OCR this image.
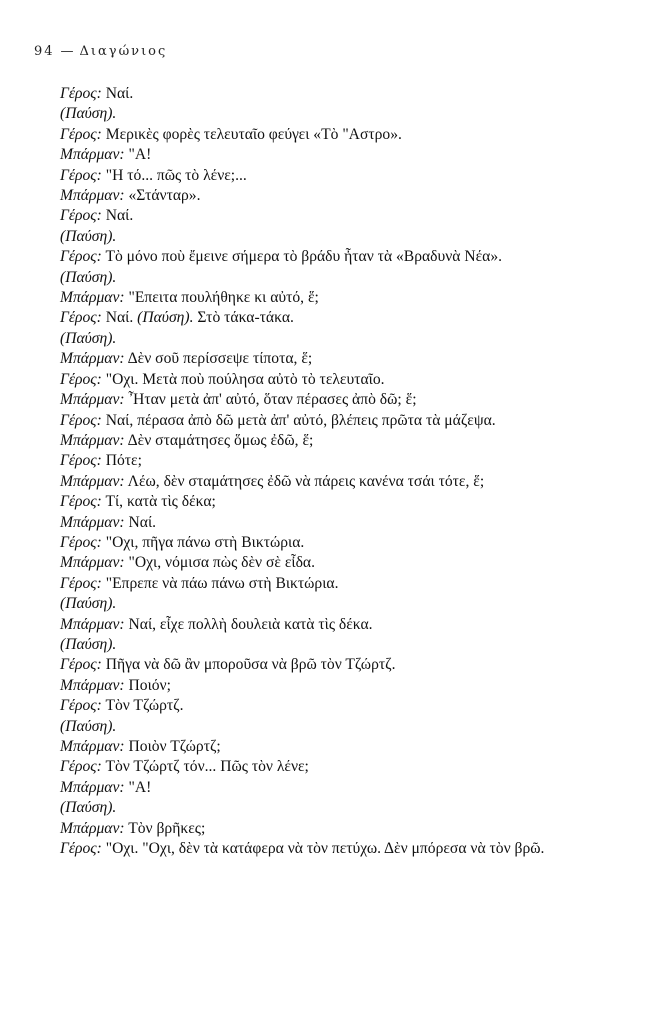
94 — Διαγώνιος
Γέρος: Ναί.
(Παύση).
Γέρος: Μερικὲς φορὲς τελευταῖο φεύγει «Τὸ "Αστρο».
Μπάρμαν: "Α!
Γέρος: "Η τό... πῶς τὸ λένε;...
Μπάρμαν: «Στάνταρ».
Γέρος: Ναί.
(Παύση).
Γέρος: Τὸ μόνο ποὺ ἔμεινε σήμερα τὸ βράδυ ἦταν τὰ «Βραδυνὰ Νέα».
(Παύση).
Μπάρμαν: "Επειτα πουλήθηκε κι αὐτό, ἕ;
Γέρος: Ναί. (Παύση). Στὸ τάκα-τάκα.
(Παύση).
Μπάρμαν: Δὲν σοῦ περίσσεψε τίποτα, ἕ;
Γέρος: "Οχι. Μετὰ ποὺ πούλησα αὐτὸ τὸ τελευταῖο.
Μπάρμαν: Ἦταν μετὰ ἀπ' αὐτό, ὅταν πέρασες ἀπὸ δῶ; ἕ;
Γέρος: Ναί, πέρασα ἀπὸ δῶ μετὰ ἀπ' αὐτό, βλέπεις πρῶτα τὰ μάζεψα.
Μπάρμαν: Δὲν σταμάτησες ὅμως ἐδῶ, ἕ;
Γέρος: Πότε;
Μπάρμαν: Λέω, δὲν σταμάτησες ἐδῶ νὰ πάρεις κανένα τσάι τότε, ἕ;
Γέρος: Τί, κατὰ τὶς δέκα;
Μπάρμαν: Ναί.
Γέρος: "Οχι, πῆγα πάνω στὴ Βικτώρια.
Μπάρμαν: "Οχι, νόμισα πὼς δὲν σὲ εἶδα.
Γέρος: "Επρεπε νὰ πάω πάνω στὴ Βικτώρια.
(Παύση).
Μπάρμαν: Ναί, εἶχε πολλὴ δουλειὰ κατὰ τὶς δέκα.
(Παύση).
Γέρος: Πῆγα νὰ δῶ ἂν μποροῦσα νὰ βρῶ τὸν Τζώρτζ.
Μπάρμαν: Ποιόν;
Γέρος: Τὸν Τζώρτζ.
(Παύση).
Μπάρμαν: Ποιὸν Τζώρτζ;
Γέρος: Τὸν Τζώρτζ τόν... Πῶς τὸν λένε;
Μπάρμαν: "Α!
(Παύση).
Μπάρμαν: Τὸν βρῆκες;
Γέρος: "Οχι. "Οχι, δὲν τὰ κατάφερα νὰ τὸν πετύχω. Δὲν μπόρεσα νὰ τὸν βρῶ.
